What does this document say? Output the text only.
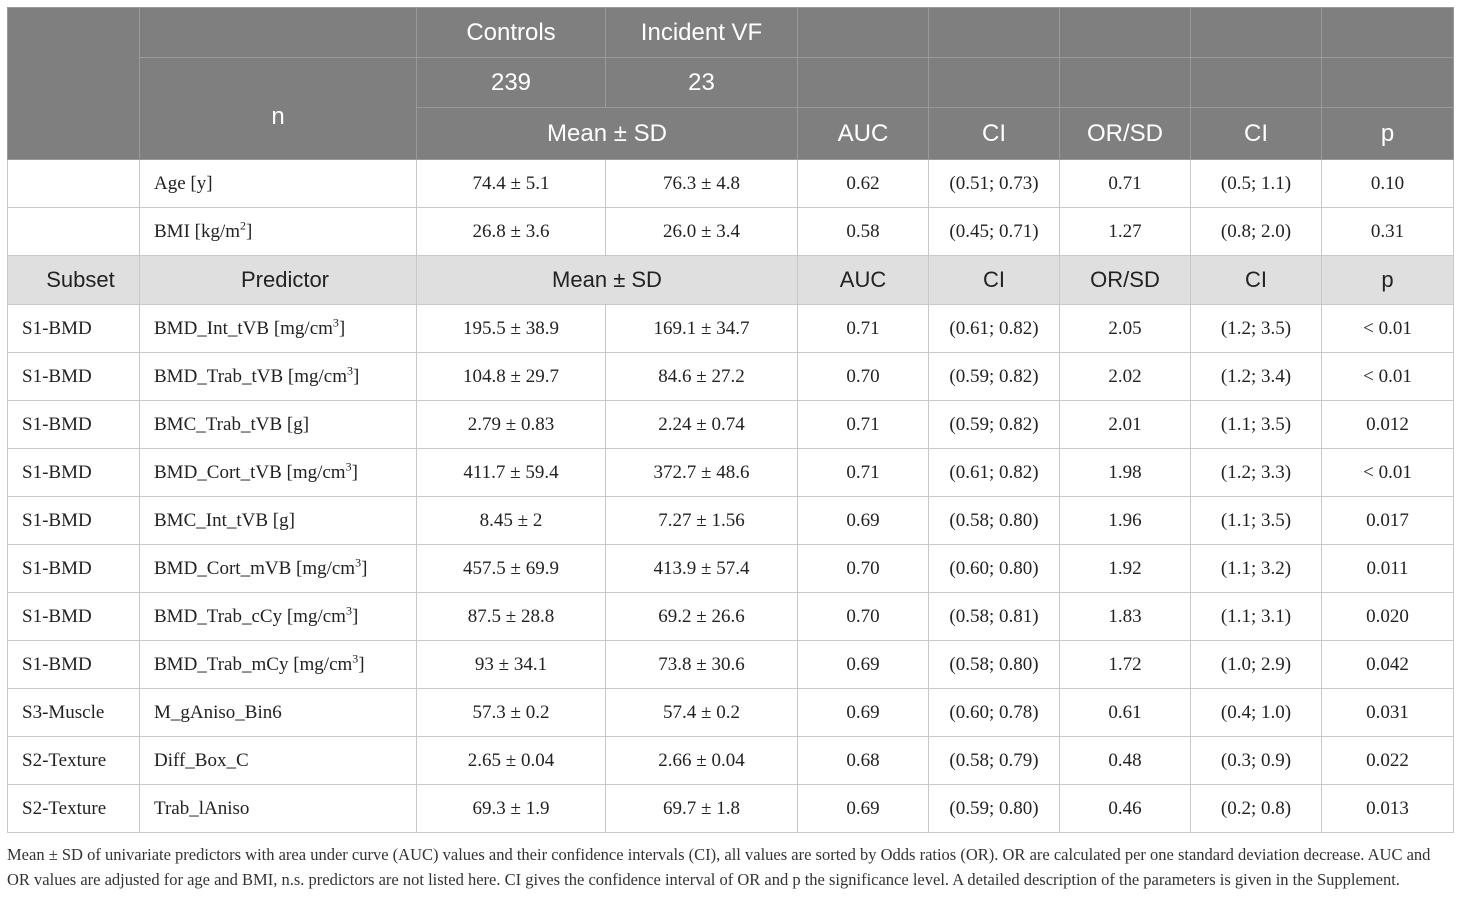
		Controls	Incident VF					
	n	239	23					
		Mean ± SD		AUC	CI	OR/SD	CI	p
	Age [y]	74.4 ± 5.1	76.3 ± 4.8	0.62	(0.51; 0.73)	0.71	(0.5; 1.1)	0.10
	BMI $[kg/m^2]$	26.8 ± 3.6	26.0 ± 3.4	0.58	(0.45; 0.71)	1.27	(0.8; 2.0)	0.31
Subset	Predictor	Mean ± SD		AUC	CI	OR/SD	CI	p
S1-BMD	BMD_Int_tVB $[mg/cm^3]$	195.5 ± 38.9	169.1 ± 34.7	0.71	(0.61; 0.82)	2.05	(1.2; 3.5)	< 0.01
S1-BMD	BMD_Trab_tVB $[mg/cm^3]$	104.8 ± 29.7	84.6 ± 27.2	0.70	(0.59; 0.82)	2.02	(1.2; 3.4)	< 0.01
S1-BMD	BMC_Trab_tVB [g]	2.79 ± 0.83	2.24 ± 0.74	0.71	(0.59; 0.82)	2.01	(1.1; 3.5)	0.012
S1-BMD	BMD_Cort_tVB $[mg/cm^3]$	411.7 ± 59.4	372.7 ± 48.6	0.71	(0.61; 0.82)	1.98	(1.2; 3.3)	< 0.01
S1-BMD	BMC_Int_tVB [g]	8.45 ± 2	7.27 ± 1.56	0.69	(0.58; 0.80)	1.96	(1.1; 3.5)	0.017
S1-BMD	BMD_Cort_mVB $[mg/cm^3]$	457.5 ± 69.9	413.9 ± 57.4	0.70	(0.60; 0.80)	1.92	(1.1; 3.2)	0.011
S1-BMD	BMD_Trab_cCy $[mg/cm^3]$	87.5 ± 28.8	69.2 ± 26.6	0.70	(0.58; 0.81)	1.83	(1.1; 3.1)	0.020
S1-BMD	BMD_Trab_mCy $[mg/cm^3]$	93 ± 34.1	73.8 ± 30.6	0.69	(0.58; 0.80)	1.72	(1.0; 2.9)	0.042
S3-Muscle	M_gAniso_Bin6	57.3 ± 0.2	57.4 ± 0.2	0.69	(0.60; 0.78)	0.61	(0.4; 1.0)	0.031
S2-Texture	Diff_Box_C	2.65 ± 0.04	2.66 ± 0.04	0.68	(0.58; 0.79)	0.48	(0.3; 0.9)	0.022
S2-Texture	Trab_lAniso	69.3 ± 1.9	69.7 ± 1.8	0.69	(0.59; 0.80)	0.46	(0.2; 0.8)	0.013

Mean ± SD of univariate predictors with area under curve (AUC) values and their confidence intervals (CI), all values are sorted by Odds ratios (OR). OR are calculated per one standard deviation decrease. AUC and OR values are adjusted for age and BMI, n.s. predictors are not listed here. CI gives the confidence interval of OR and p the significance level. A detailed description of the parameters is given in the Supplement.
